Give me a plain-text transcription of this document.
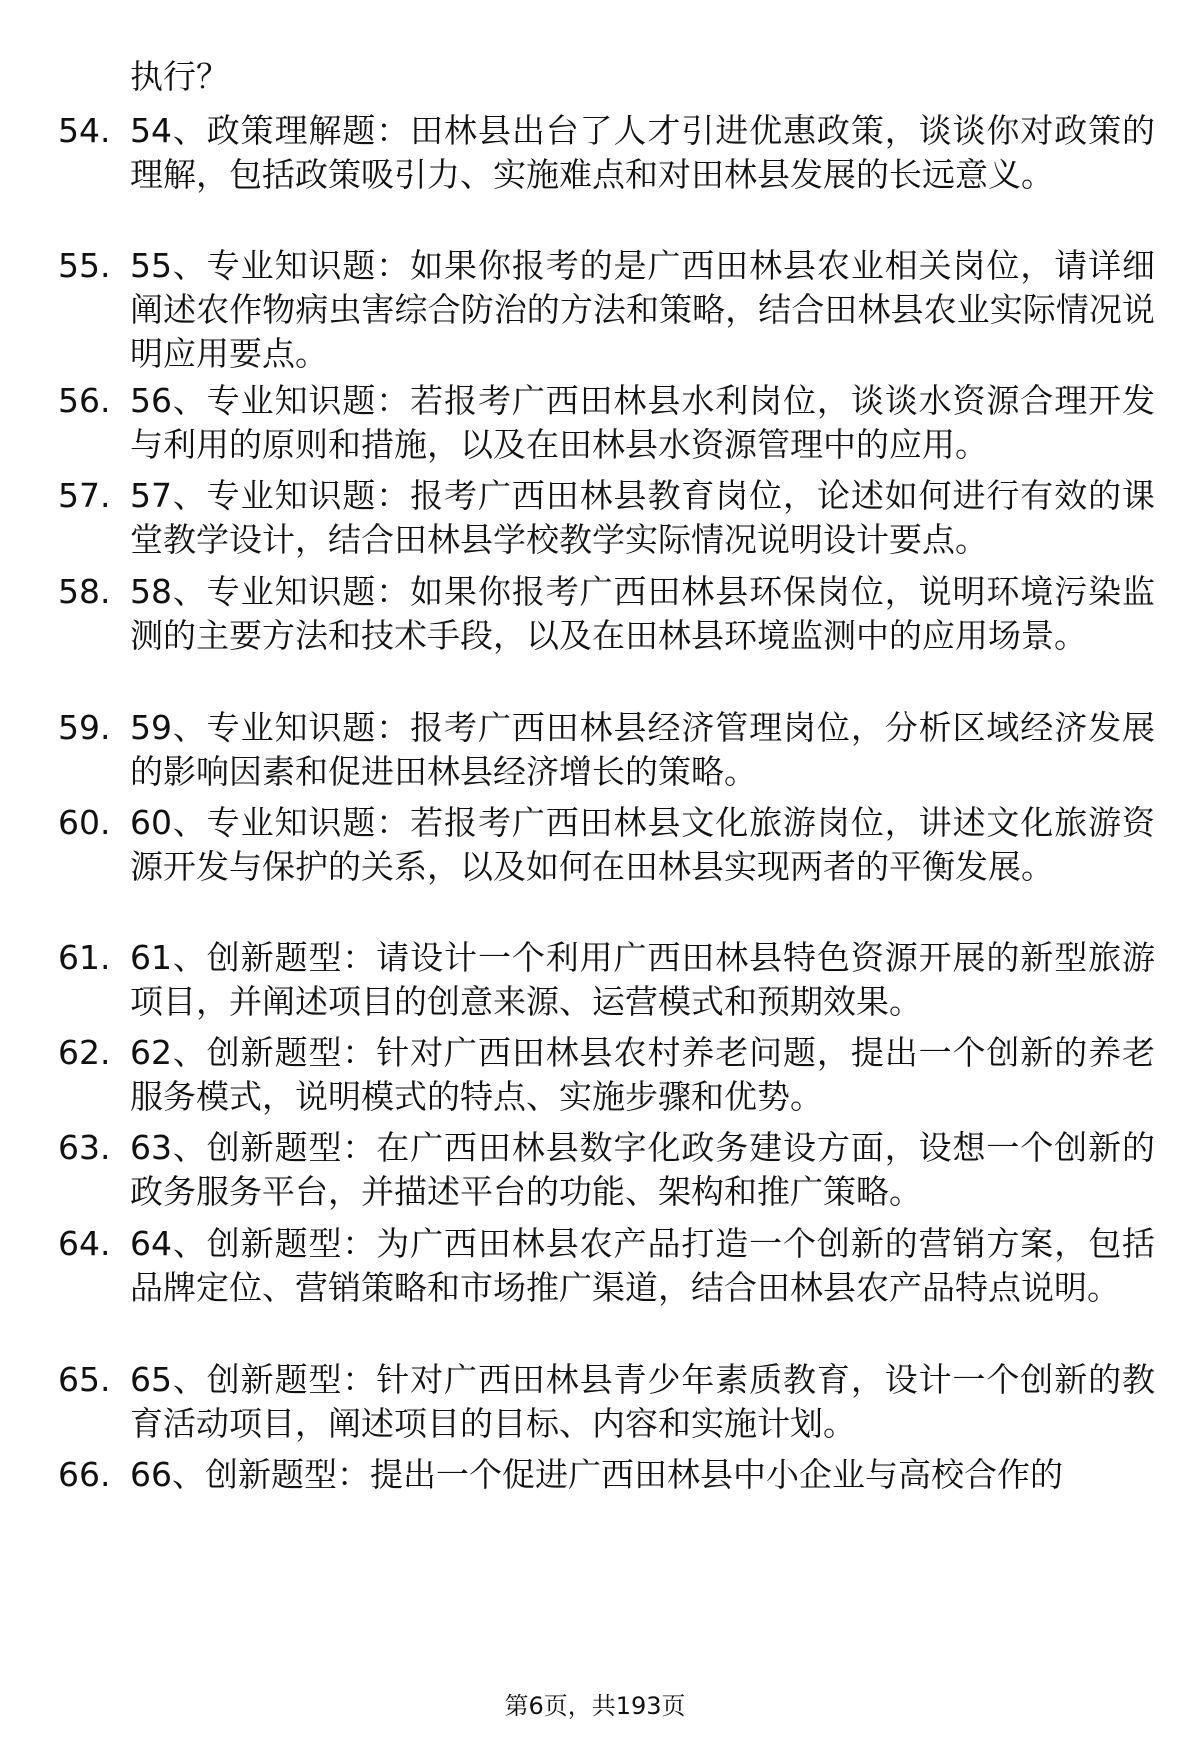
执行？
54. 54、政策理解题：田林县出台了人才引进优惠政策，谈谈你对政策的理解，包括政策吸引力、实施难点和对田林县发展的长远意义。
55. 55、专业知识题：如果你报考的是广西田林县农业相关岗位，请详细阐述农作物病虫害综合防治的方法和策略，结合田林县农业实际情况说明应用要点。
56. 56、专业知识题：若报考广西田林县水利岗位，谈谈水资源合理开发与利用的原则和措施，以及在田林县水资源管理中的应用。
57. 57、专业知识题：报考广西田林县教育岗位，论述如何进行有效的课堂教学设计，结合田林县学校教学实际情况说明设计要点。
58. 58、专业知识题：如果你报考广西田林县环保岗位，说明环境污染监测的主要方法和技术手段，以及在田林县环境监测中的应用场景。
59. 59、专业知识题：报考广西田林县经济管理岗位，分析区域经济发展的影响因素和促进田林县经济增长的策略。
60. 60、专业知识题：若报考广西田林县文化旅游岗位，讲述文化旅游资源开发与保护的关系，以及如何在田林县实现两者的平衡发展。
61. 61、创新题型：请设计一个利用广西田林县特色资源开展的新型旅游项目，并阐述项目的创意来源、运营模式和预期效果。
62. 62、创新题型：针对广西田林县农村养老问题，提出一个创新的养老服务模式，说明模式的特点、实施步骤和优势。
63. 63、创新题型：在广西田林县数字化政务建设方面，设想一个创新的政务服务平台，并描述平台的功能、架构和推广策略。
64. 64、创新题型：为广西田林县农产品打造一个创新的营销方案，包括品牌定位、营销策略和市场推广渠道，结合田林县农产品特点说明。
65. 65、创新题型：针对广西田林县青少年素质教育，设计一个创新的教育活动项目，阐述项目的目标、内容和实施计划。
66. 66、创新题型：提出一个促进广西田林县中小企业与高校合作的
第6页，共193页
